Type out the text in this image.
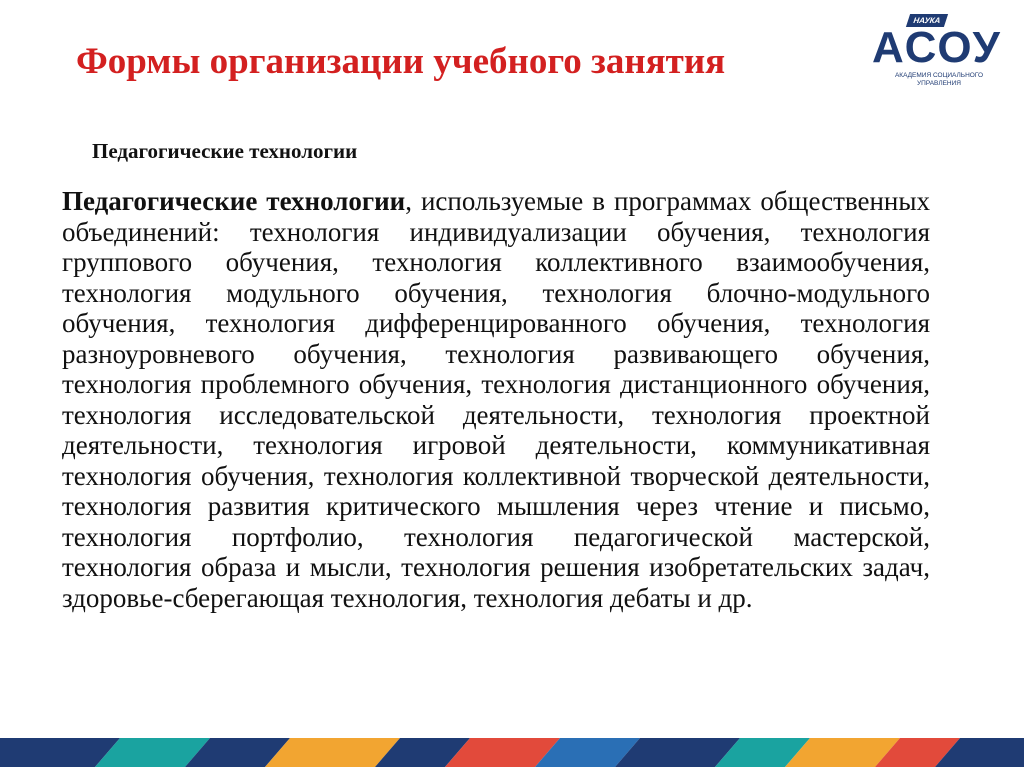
НАУКА
АСОУ
АКАДЕМИЯ СОЦИАЛЬНОГО УПРАВЛЕНИЯ
Формы организации учебного занятия
Педагогические технологии

Педагогические технологии, используемые в программах общественных объединений: технология индивидуализации обучения, технология группового обучения, технология коллективного взаимообучения, технология модульного обучения, технология блочно-модульного обучения, технология дифференцированного обучения, технология разноуровневого обучения, технология развивающего обучения, технология проблемного обучения, технология дистанционного обучения, технология исследовательской деятельности, технология проектной деятельности, технология игровой деятельности, коммуникативная технология обучения, технология коллективной творческой деятельности, технология развития критического мышления через чтение и письмо, технология портфолио, технология педагогической мастерской, технология образа и мысли, технология решения изобретательских задач, здоровье-сберегающая технология, технология дебаты и др.
